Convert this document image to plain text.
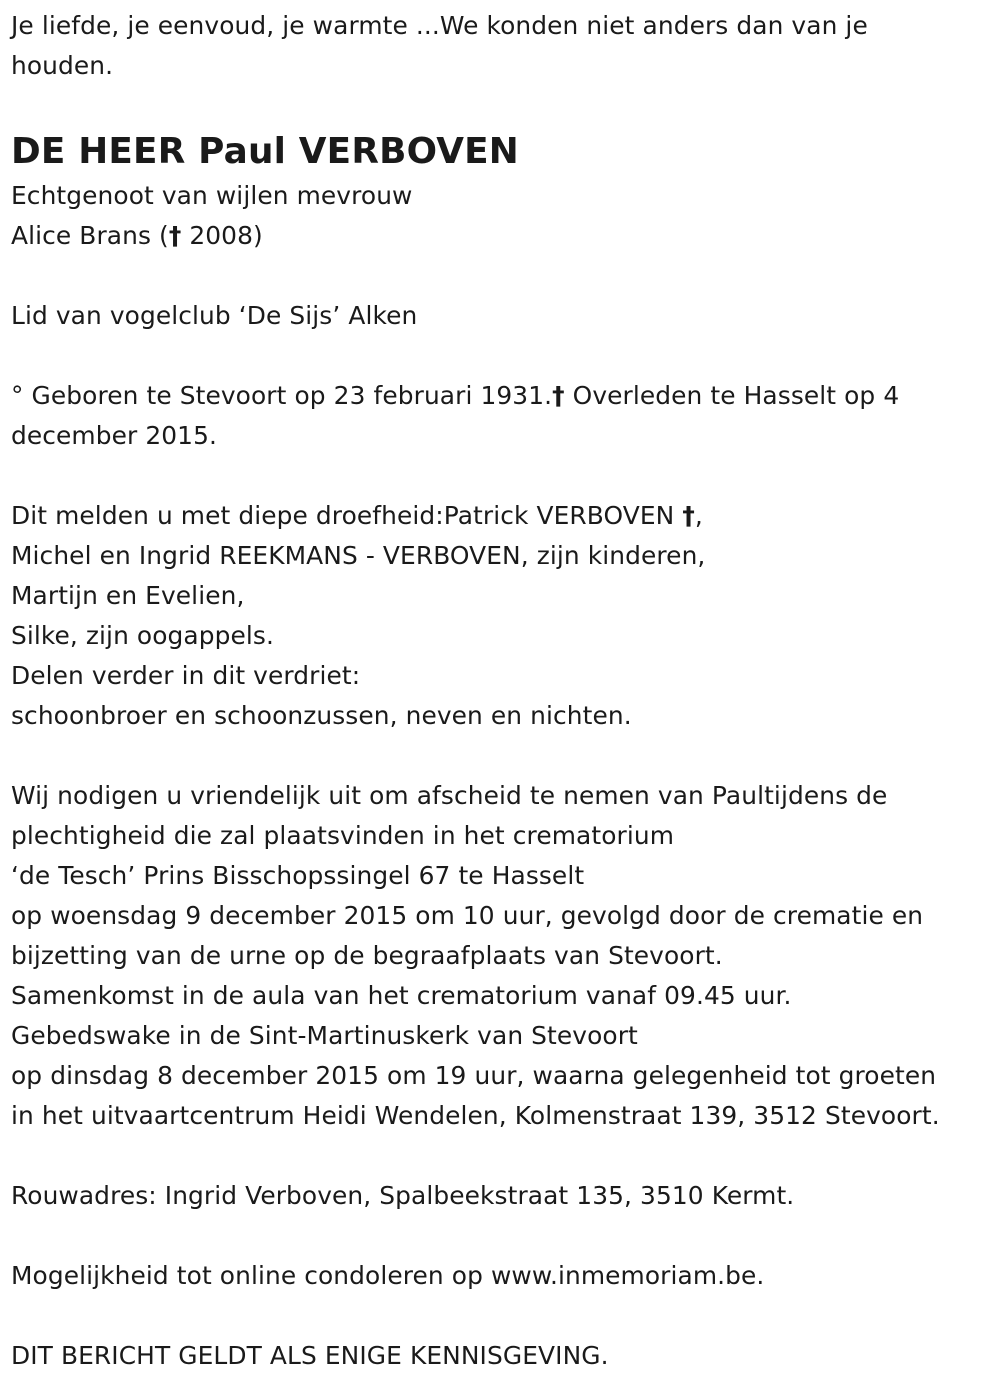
Je liefde, je eenvoud, je warmte ...We konden niet anders dan van je
houden.
DE HEER Paul VERBOVEN
Echtgenoot van wijlen mevrouw
Alice Brans († 2008)
Lid van vogelclub ‘De Sijs’ Alken
° Geboren te Stevoort op 23 februari 1931.† Overleden te Hasselt op 4
december 2015.
Dit melden u met diepe droefheid:Patrick VERBOVEN †,
Michel en Ingrid REEKMANS - VERBOVEN, zijn kinderen,
Martijn en Evelien,
Silke, zijn oogappels.
Delen verder in dit verdriet:
schoonbroer en schoonzussen, neven en nichten.
Wij nodigen u vriendelijk uit om afscheid te nemen van Paultijdens de
plechtigheid die zal plaatsvinden in het crematorium
‘de Tesch’ Prins Bisschopssingel 67 te Hasselt
op woensdag 9 december 2015 om 10 uur, gevolgd door de crematie en
bijzetting van de urne op de begraafplaats van Stevoort.
Samenkomst in de aula van het crematorium vanaf 09.45 uur.
Gebedswake in de Sint-Martinuskerk van Stevoort
op dinsdag 8 december 2015 om 19 uur, waarna gelegenheid tot groeten
in het uitvaartcentrum Heidi Wendelen, Kolmenstraat 139, 3512 Stevoort.
Rouwadres: Ingrid Verboven, Spalbeekstraat 135, 3510 Kermt.
Mogelijkheid tot online condoleren op www.inmemoriam.be.
DIT BERICHT GELDT ALS ENIGE KENNISGEVING.
